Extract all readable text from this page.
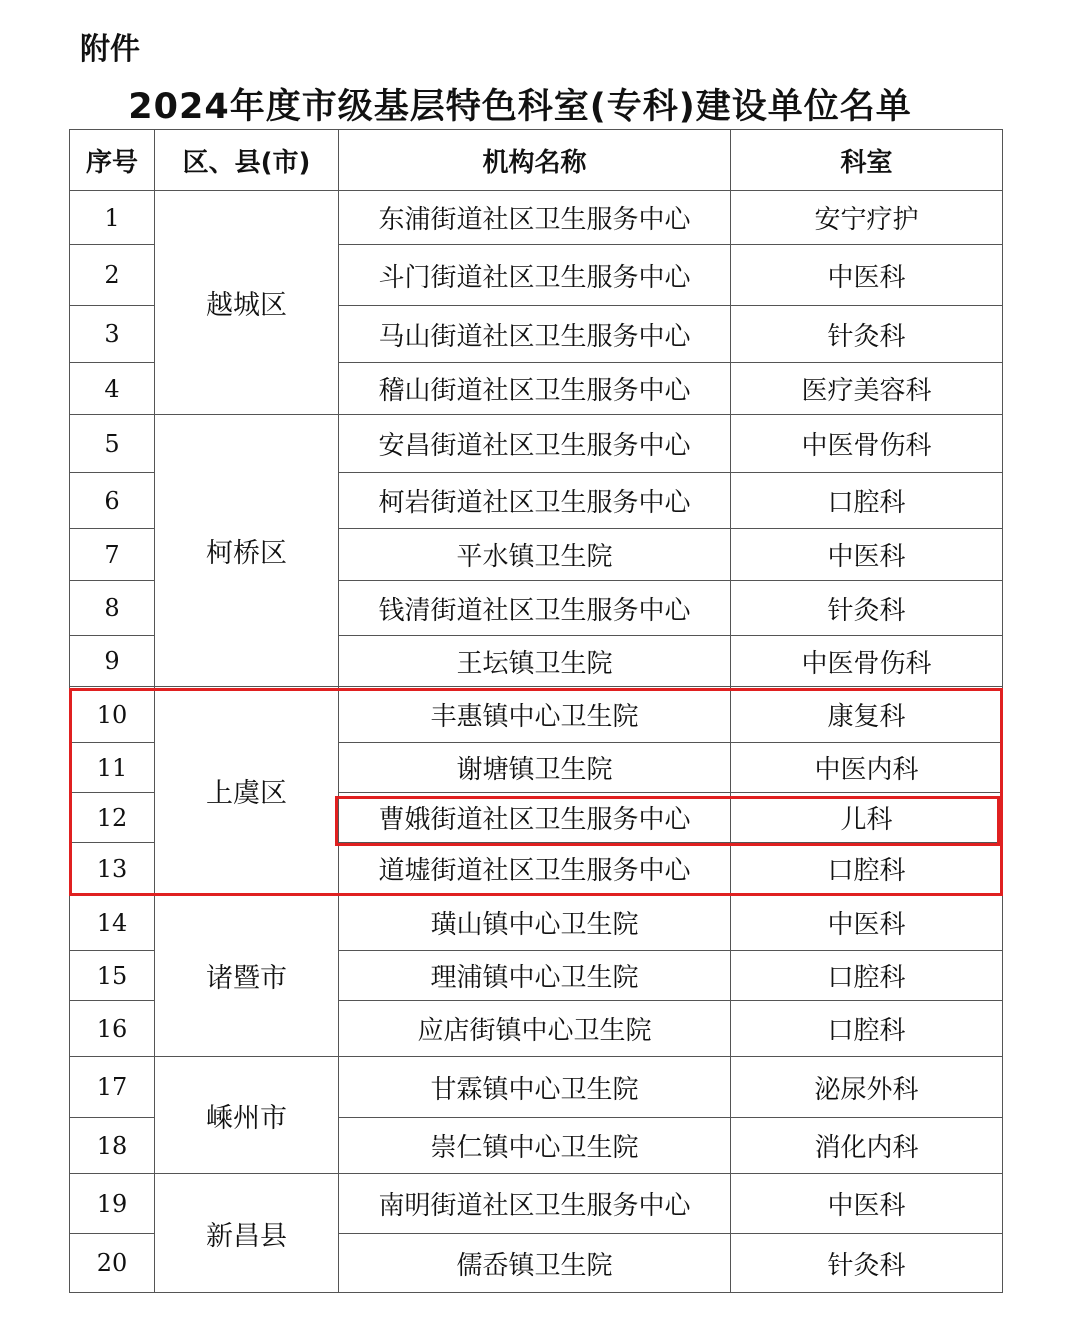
附件
2024年度市级基层特色科室(专科)建设单位名单
序号	区、县(市)	机构名称	科室
1	越城区	东浦街道社区卫生服务中心	安宁疗护
2		斗门街道社区卫生服务中心	中医科
3		马山街道社区卫生服务中心	针灸科
4		稽山街道社区卫生服务中心	医疗美容科
5	柯桥区	安昌街道社区卫生服务中心	中医骨伤科
6		柯岩街道社区卫生服务中心	口腔科
7		平水镇卫生院	中医科
8		钱清街道社区卫生服务中心	针灸科
9		王坛镇卫生院	中医骨伤科
10	上虞区	丰惠镇中心卫生院	康复科
11		谢塘镇卫生院	中医内科
12		曹娥街道社区卫生服务中心	儿科
13		道墟街道社区卫生服务中心	口腔科
14	诸暨市	璜山镇中心卫生院	中医科
15		理浦镇中心卫生院	口腔科
16		应店街镇中心卫生院	口腔科
17	嵊州市	甘霖镇中心卫生院	泌尿外科
18		崇仁镇中心卫生院	消化内科
19	新昌县	南明街道社区卫生服务中心	中医科
20		儒岙镇卫生院	针灸科
